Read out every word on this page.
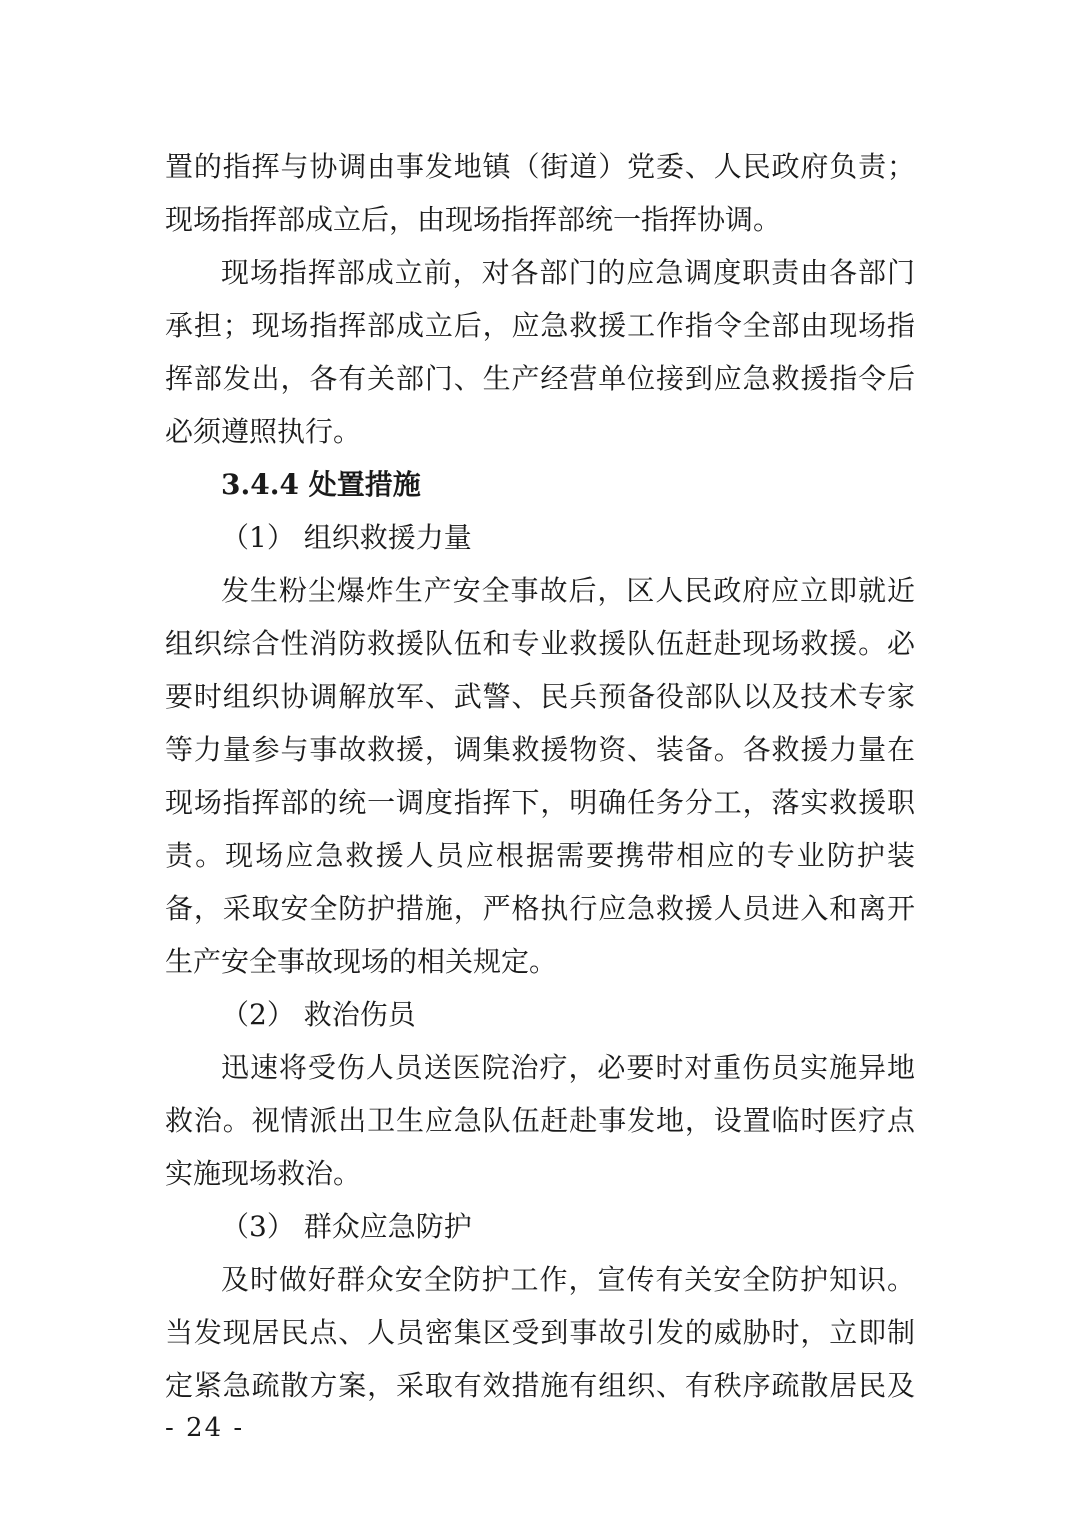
置的指挥与协调由事发地镇（街道）党委、人民政府负责；
现场指挥部成立后，由现场指挥部统一指挥协调。
现场指挥部成立前，对各部门的应急调度职责由各部门
承担；现场指挥部成立后，应急救援工作指令全部由现场指
挥部发出，各有关部门、生产经营单位接到应急救援指令后
必须遵照执行。
3.4.4 处置措施
（1） 组织救援力量
发生粉尘爆炸生产安全事故后，区人民政府应立即就近
组织综合性消防救援队伍和专业救援队伍赶赴现场救援。必
要时组织协调解放军、武警、民兵预备役部队以及技术专家
等力量参与事故救援，调集救援物资、装备。各救援力量在
现场指挥部的统一调度指挥下，明确任务分工，落实救援职
责。现场应急救援人员应根据需要携带相应的专业防护装
备，采取安全防护措施，严格执行应急救援人员进入和离开
生产安全事故现场的相关规定。
（2） 救治伤员
迅速将受伤人员送医院治疗，必要时对重伤员实施异地
救治。视情派出卫生应急队伍赶赴事发地，设置临时医疗点
实施现场救治。
（3） 群众应急防护
及时做好群众安全防护工作，宣传有关安全防护知识。
当发现居民点、人员密集区受到事故引发的威胁时，立即制
定紧急疏散方案，采取有效措施有组织、有秩序疏散居民及
- 24 -
